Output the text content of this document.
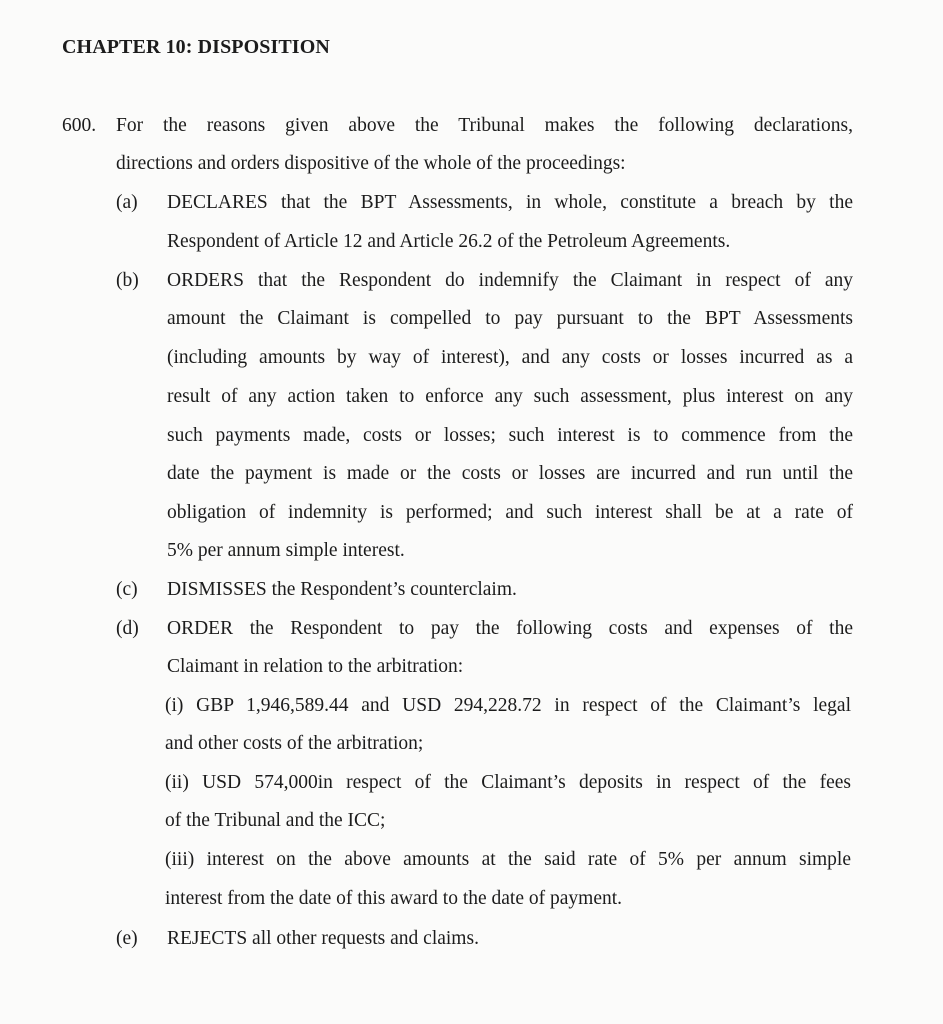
CHAPTER 10: DISPOSITION
600. For the reasons given above the Tribunal makes the following declarations,
directions and orders dispositive of the whole of the proceedings:
(a) DECLARES that the BPT Assessments, in whole, constitute a breach by the
Respondent of Article 12 and Article 26.2 of the Petroleum Agreements.
(b) ORDERS that the Respondent do indemnify the Claimant in respect of any
amount the Claimant is compelled to pay pursuant to the BPT Assessments
(including amounts by way of interest), and any costs or losses incurred as a
result of any action taken to enforce any such assessment, plus interest on any
such payments made, costs or losses; such interest is to commence from the
date the payment is made or the costs or losses are incurred and run until the
obligation of indemnity is performed; and such interest shall be at a rate of
5% per annum simple interest.
(c) DISMISSES the Respondent’s counterclaim.
(d) ORDER the Respondent to pay the following costs and expenses of the
Claimant in relation to the arbitration:
(i) GBP 1,946,589.44 and USD 294,228.72 in respect of the Claimant’s legal
and other costs of the arbitration;
(ii) USD 574,000in respect of the Claimant’s deposits in respect of the fees
of the Tribunal and the ICC;
(iii) interest on the above amounts at the said rate of 5% per annum simple
interest from the date of this award to the date of payment.
(e) REJECTS all other requests and claims.
